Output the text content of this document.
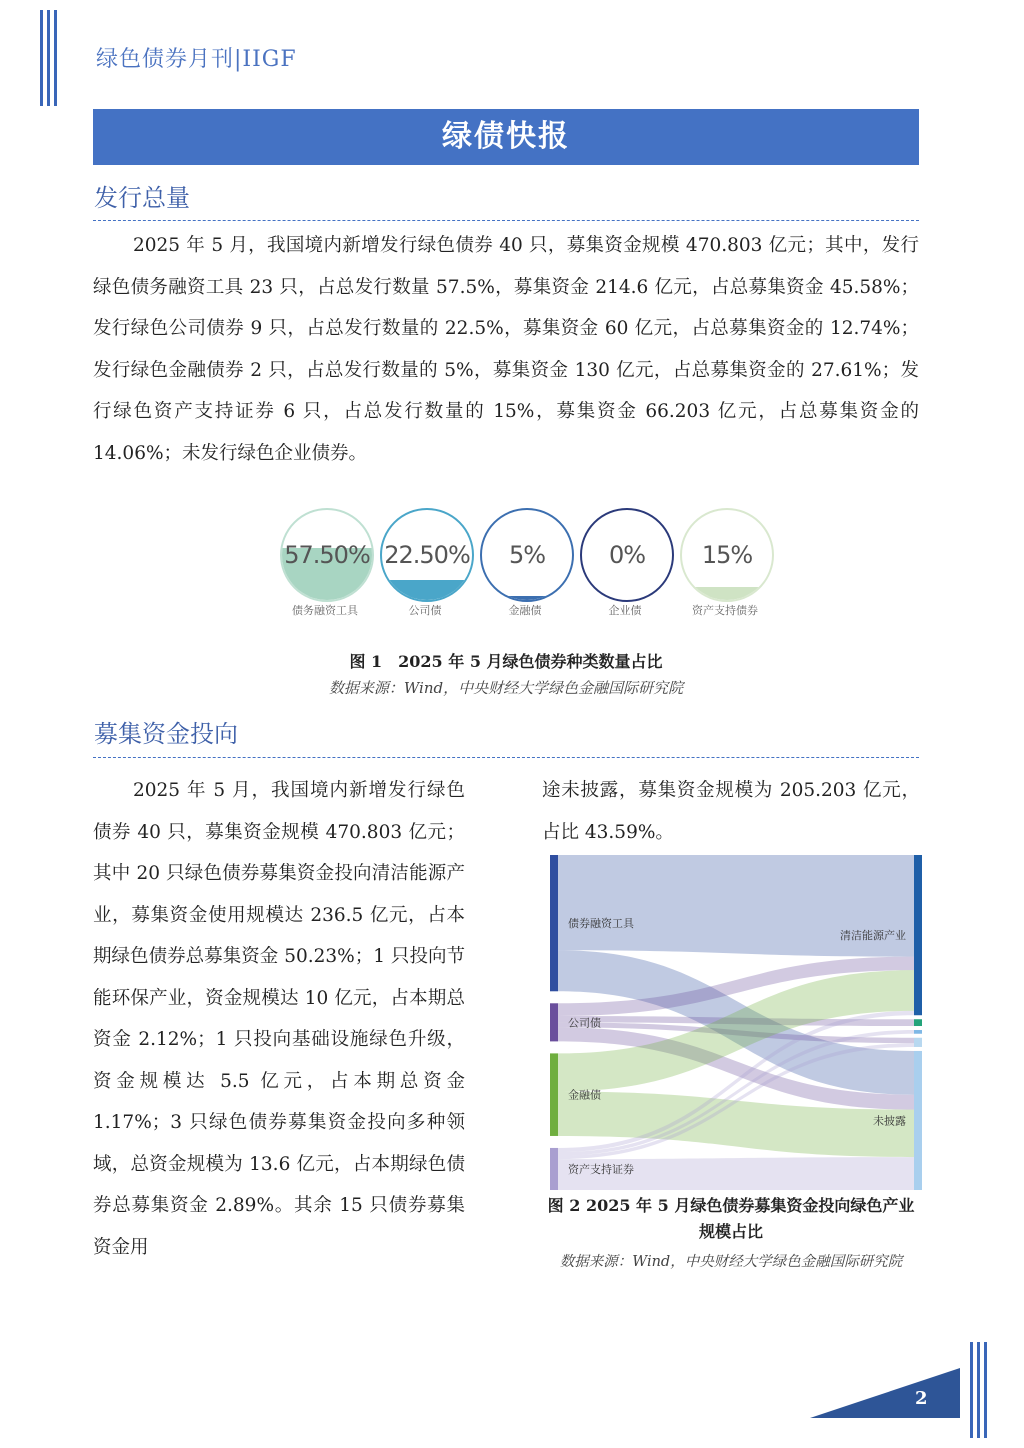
绿色债券月刊|IIGF
绿债快报
发行总量
2025 年 5 月，我国境内新增发行绿色债券 40 只，募集资金规模 470.803 亿元；其中，发行绿色债务融资工具 23 只，占总发行数量 57.5%，募集资金 214.6 亿元，占总募集资金 45.58%；发行绿色公司债券 9 只，占总发行数量的 22.5%，募集资金 60 亿元，占总募集资金的 12.74%；发行绿色金融债券 2 只，占总发行数量的 5%，募集资金 130 亿元，占总募集资金的 27.61%；发行绿色资产支持证券 6 只，占总发行数量的 15%，募集资金 66.203 亿元，占总募集资金的 14.06%；未发行绿色企业债券。
57.50%
债务融资工具
22.50%
公司债
5%
金融债
0%
企业债
15%
资产支持债券
图 1　2025 年 5 月绿色债券种类数量占比
数据来源：Wind，中央财经大学绿色金融国际研究院
募集资金投向
2025 年 5 月，我国境内新增发行绿色债券 40 只，募集资金规模 470.803 亿元；其中 20 只绿色债券募集资金投向清洁能源产业，募集资金使用规模达 236.5 亿元，占本期绿色债券总募集资金 50.23%；1 只投向节能环保产业，资金规模达 10 亿元，占本期总资金 2.12%；1 只投向基础设施绿色升级，资金规模达 5.5 亿元，占本期总资金 1.17%；3 只绿色债券募集资金投向多种领域，总资金规模为 13.6 亿元，占本期绿色债券总募集资金 2.89%。其余 15 只债券募集资金用
途未披露，募集资金规模为 205.203 亿元，占比 43.59%。
债券融资工具
公司债
金融债
资产支持证券
清洁能源产业
未披露
图 2 2025 年 5 月绿色债券募集资金投向绿色产业规模占比
数据来源：Wind，中央财经大学绿色金融国际研究院
2
